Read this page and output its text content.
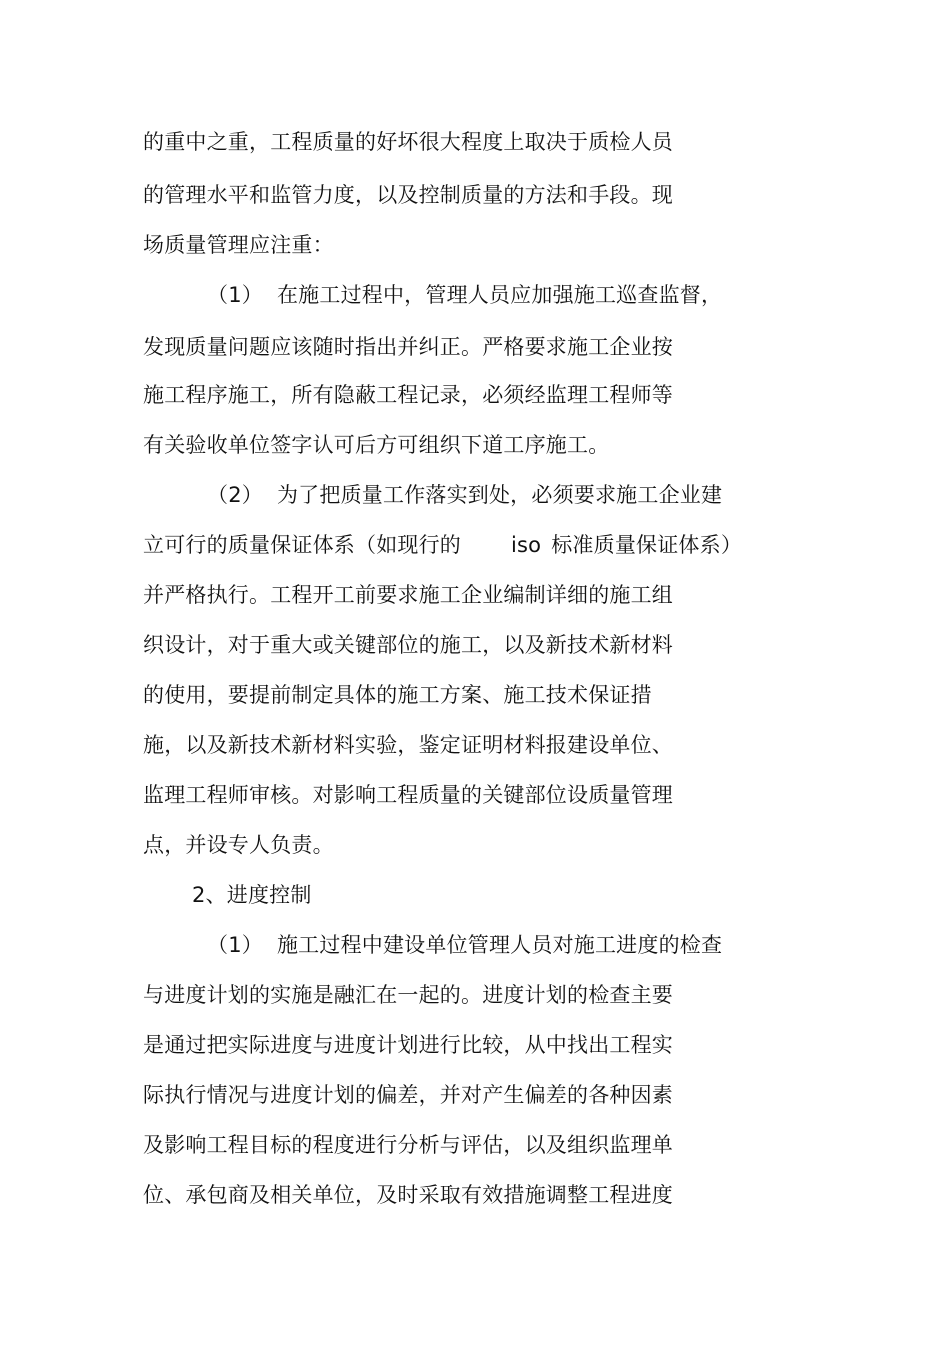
的重中之重，工程质量的好坏很大程度上取决于质检人员
的管理水平和监管力度，以及控制质量的方法和手段。现
场质量管理应注重：
（1） 在施工过程中，管理人员应加强施工巡查监督，
发现质量问题应该随时指出并纠正。严格要求施工企业按
施工程序施工，所有隐蔽工程记录，必须经监理工程师等
有关验收单位签字认可后方可组织下道工序施工。
（2） 为了把质量工作落实到处，必须要求施工企业建
立可行的质量保证体系（如现行的 iso 标准质量保证体系）
并严格执行。工程开工前要求施工企业编制详细的施工组
织设计，对于重大或关键部位的施工，以及新技术新材料
的使用，要提前制定具体的施工方案、施工技术保证措
施，以及新技术新材料实验，鉴定证明材料报建设单位、
监理工程师审核。对影响工程质量的关键部位设质量管理
点，并设专人负责。
2、进度控制
（1） 施工过程中建设单位管理人员对施工进度的检查
与进度计划的实施是融汇在一起的。进度计划的检查主要
是通过把实际进度与进度计划进行比较，从中找出工程实
际执行情况与进度计划的偏差，并对产生偏差的各种因素
及影响工程目标的程度进行分析与评估，以及组织监理单
位、承包商及相关单位，及时采取有效措施调整工程进度
